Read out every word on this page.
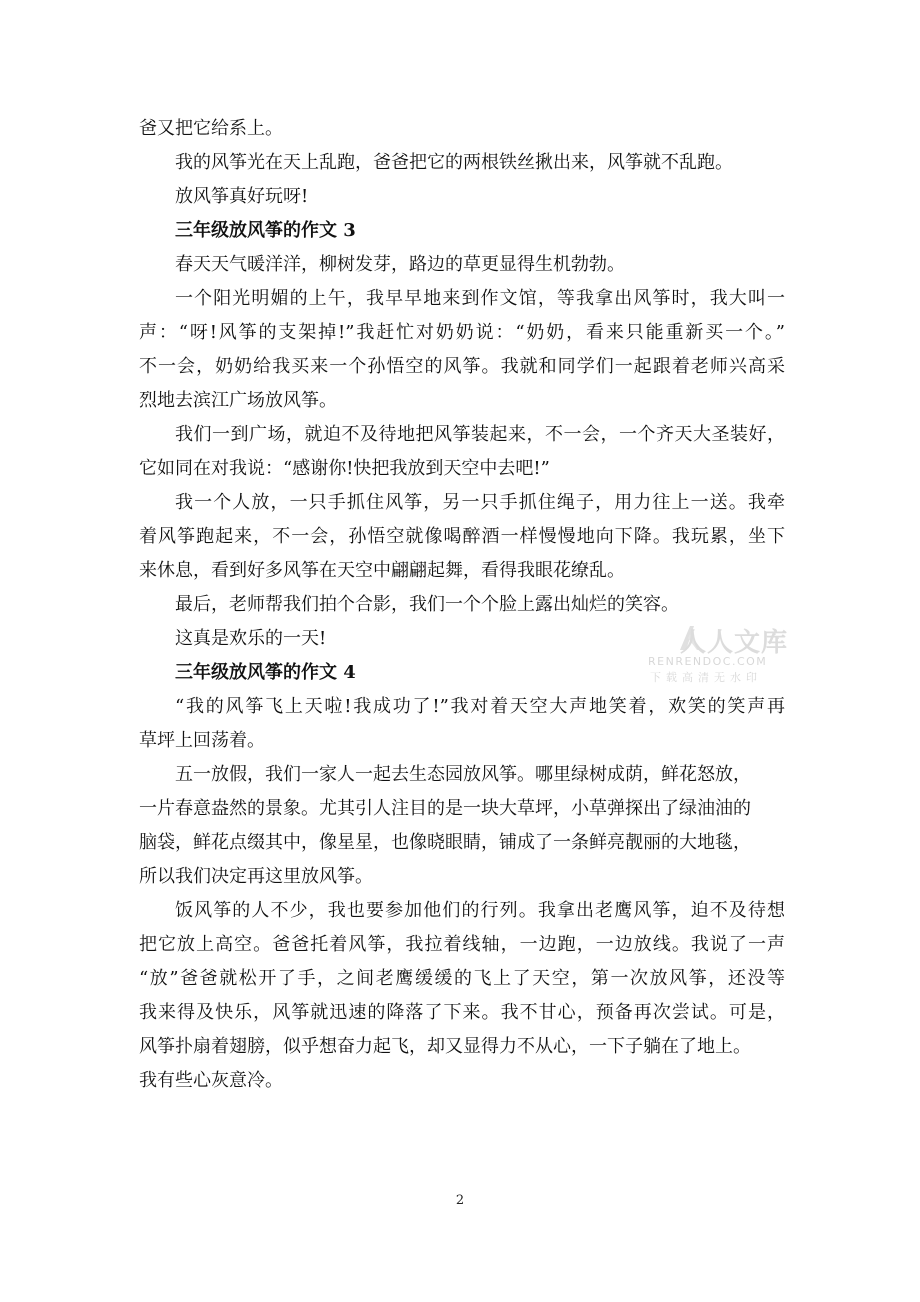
爸又把它给系上。
我的风筝光在天上乱跑，爸爸把它的两根铁丝揪出来，风筝就不乱跑。
放风筝真好玩呀!
三年级放风筝的作文 3
春天天气暖洋洋，柳树发芽，路边的草更显得生机勃勃。
一个阳光明媚的上午，我早早地来到作文馆，等我拿出风筝时，我大叫一
声：“呀!风筝的支架掉!”我赶忙对奶奶说：“奶奶，看来只能重新买一个。”
不一会，奶奶给我买来一个孙悟空的风筝。我就和同学们一起跟着老师兴高采
烈地去滨江广场放风筝。
我们一到广场，就迫不及待地把风筝装起来，不一会，一个齐天大圣装好，
它如同在对我说：“感谢你!快把我放到天空中去吧!”
我一个人放，一只手抓住风筝，另一只手抓住绳子，用力往上一送。我牵
着风筝跑起来，不一会，孙悟空就像喝醉酒一样慢慢地向下降。我玩累，坐下
来休息，看到好多风筝在天空中翩翩起舞，看得我眼花缭乱。
最后，老师帮我们拍个合影，我们一个个脸上露出灿烂的笑容。
这真是欢乐的一天!
三年级放风筝的作文 4
“我的风筝飞上天啦!我成功了!”我对着天空大声地笑着，欢笑的笑声再
草坪上回荡着。
五一放假，我们一家人一起去生态园放风筝。哪里绿树成荫，鲜花怒放，
一片春意盎然的景象。尤其引人注目的是一块大草坪，小草弹探出了绿油油的
脑袋，鲜花点缀其中，像星星，也像晓眼睛，铺成了一条鲜亮靓丽的大地毯，
所以我们决定再这里放风筝。
饭风筝的人不少，我也要参加他们的行列。我拿出老鹰风筝，迫不及待想
把它放上高空。爸爸托着风筝，我拉着线轴，一边跑，一边放线。我说了一声
“放”爸爸就松开了手，之间老鹰缓缓的飞上了天空，第一次放风筝，还没等
我来得及快乐，风筝就迅速的降落了下来。我不甘心，预备再次尝试。可是，
风筝扑扇着翅膀，似乎想奋力起飞，却又显得力不从心，一下子躺在了地上。
我有些心灰意冷。
人人文库
RENRENDOC.COM
下载高清无水印
2
